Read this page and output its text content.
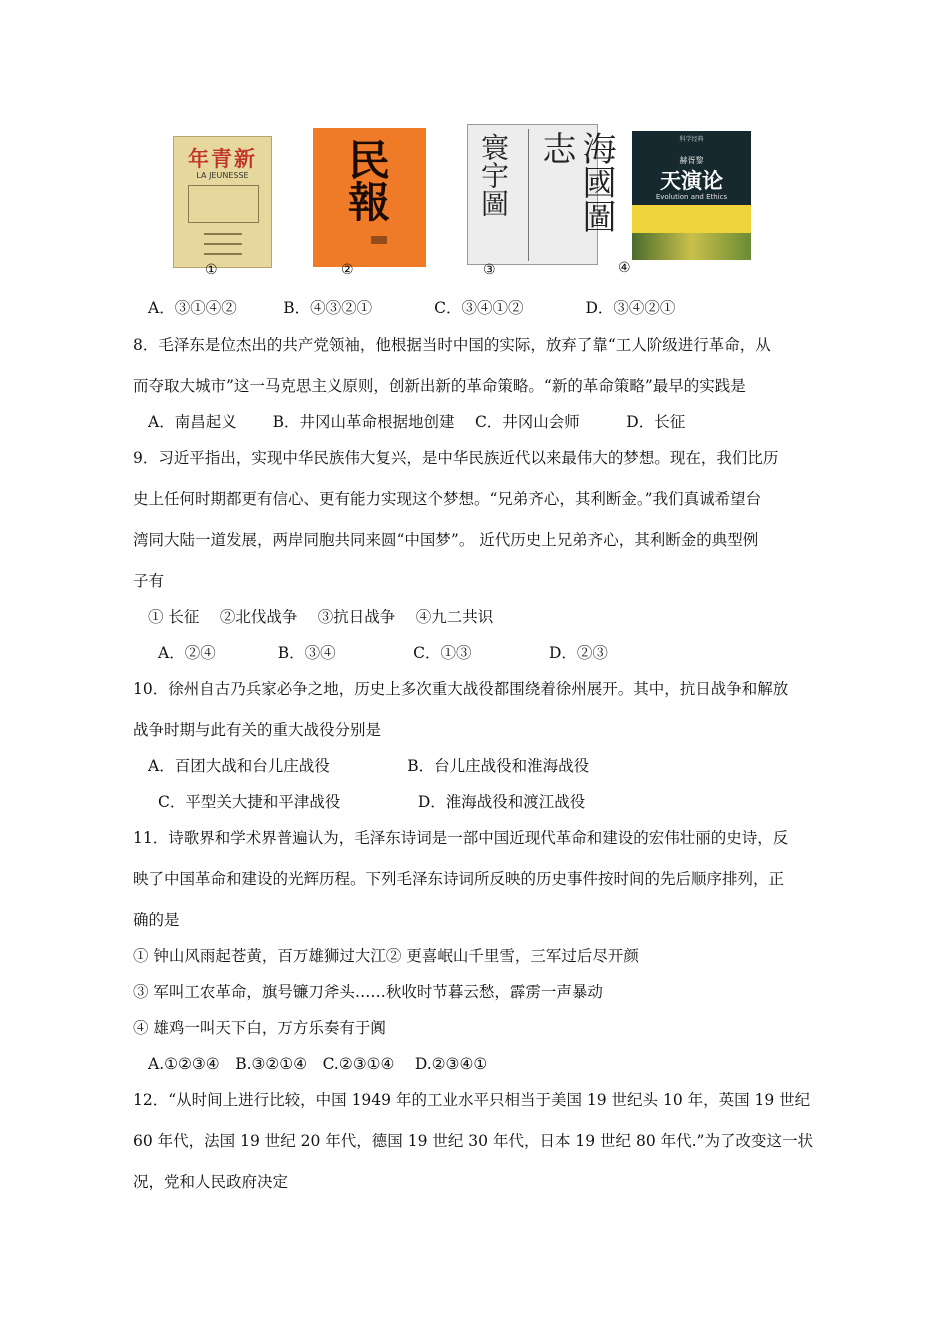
年青新
LA JEUNESSE
①
民報
②
寰宇圖	海國圖志
③
科学经典
赫胥黎
天演论
Evolution and Ethics
④
A．③①④②　　　B．④③②①　　　　C．③④①②　　　　D．③④②①
8．毛泽东是位杰出的共产党领袖，他根据当时中国的实际，放弃了靠“工人阶级进行革命，从
而夺取大城市”这一马克思主义原则，创新出新的革命策略。“新的革命策略”最早的实践是
A．南昌起义　　 B．井冈山革命根据地创建　 C．井冈山会师　　　D．长征
9．习近平指出，实现中华民族伟大复兴，是中华民族近代以来最伟大的梦想。现在，我们比历
史上任何时期都更有信心、更有能力实现这个梦想。“兄弟齐心，其利断金。”我们真诚希望台
湾同大陆一道发展，两岸同胞共同来圆“中国梦”。 近代历史上兄弟齐心，其利断金的典型例
子有
① 长征　 ②北伐战争　 ③抗日战争　 ④九二共识
A．②④　　　　B．③④　　　　　C．①③　　　　　D．②③
10．徐州自古乃兵家必争之地，历史上多次重大战役都围绕着徐州展开。其中，抗日战争和解放
战争时期与此有关的重大战役分别是
A．百团大战和台儿庄战役　　　　　B．台儿庄战役和淮海战役
C．平型关大捷和平津战役　　　　　D．淮海战役和渡江战役
11．诗歌界和学术界普遍认为，毛泽东诗词是一部中国近现代革命和建设的宏伟壮丽的史诗，反
映了中国革命和建设的光辉历程。下列毛泽东诗词所反映的历史事件按时间的先后顺序排列，正
确的是
① 钟山风雨起苍黄，百万雄狮过大江② 更喜岷山千里雪，三军过后尽开颜
③ 军叫工农革命，旗号镰刀斧头……秋收时节暮云愁，霹雳一声暴动
④ 雄鸡一叫天下白，万方乐奏有于阗
A.①②③④　B.③②①④　C.②③①④　 D.②③④①
12．“从时间上进行比较，中国 1949 年的工业水平只相当于美国 19 世纪头 10 年，英国 19 世纪
60 年代，法国 19 世纪 20 年代，德国 19 世纪 30 年代，日本 19 世纪 80 年代.”为了改变这一状
况，党和人民政府决定
